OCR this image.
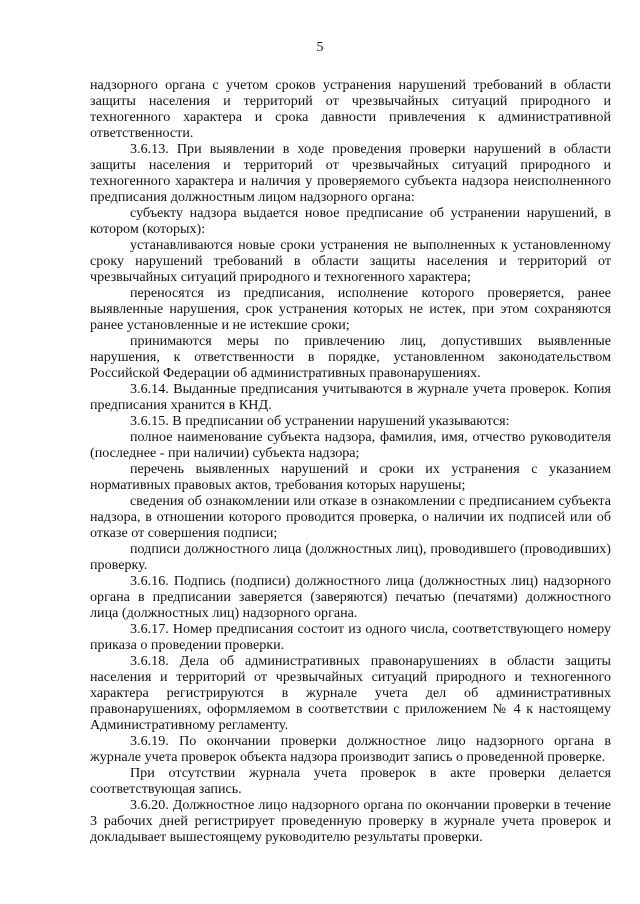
5

надзорного органа с учетом сроков устранения нарушений требований в области защиты населения и территорий от чрезвычайных ситуаций природного и техногенного характера и срока давности привлечения к административной ответственности.

3.6.13. При выявлении в ходе проведения проверки нарушений в области защиты населения и территорий от чрезвычайных ситуаций природного и техногенного характера и наличия у проверяемого субъекта надзора неисполненного предписания должностным лицом надзорного органа:

субъекту надзора выдается новое предписание об устранении нарушений, в котором (которых):

устанавливаются новые сроки устранения не выполненных к установленному сроку нарушений требований в области защиты населения и территорий от чрезвычайных ситуаций природного и техногенного характера;

переносятся из предписания, исполнение которого проверяется, ранее выявленные нарушения, срок устранения которых не истек, при этом сохраняются ранее установленные и не истекшие сроки;

принимаются меры по привлечению лиц, допустивших выявленные нарушения, к ответственности в порядке, установленном законодательством Российской Федерации об административных правонарушениях.

3.6.14. Выданные предписания учитываются в журнале учета проверок. Копия предписания хранится в КНД.

3.6.15. В предписании об устранении нарушений указываются:

полное наименование субъекта надзора, фамилия, имя, отчество руководителя (последнее - при наличии) субъекта надзора;

перечень выявленных нарушений и сроки их устранения с указанием нормативных правовых актов, требования которых нарушены;

сведения об ознакомлении или отказе в ознакомлении с предписанием субъекта надзора, в отношении которого проводится проверка, о наличии их подписей или об отказе от совершения подписи;

подписи должностного лица (должностных лиц), проводившего (проводивших) проверку.

3.6.16. Подпись (подписи) должностного лица (должностных лиц) надзорного органа в предписании заверяется (заверяются) печатью (печатями) должностного лица (должностных лиц) надзорного органа.

3.6.17. Номер предписания состоит из одного числа, соответствующего номеру приказа о проведении проверки.

3.6.18. Дела об административных правонарушениях в области защиты населения и территорий от чрезвычайных ситуаций природного и техногенного характера регистрируются в журнале учета дел об административных правонарушениях, оформляемом в соответствии с приложением № 4 к настоящему Административному регламенту.

3.6.19. По окончании проверки должностное лицо надзорного органа в журнале учета проверок объекта надзора производит запись о проведенной проверке.

При отсутствии журнала учета проверок в акте проверки делается соответствующая запись.

3.6.20. Должностное лицо надзорного органа по окончании проверки в течение 3 рабочих дней регистрирует проведенную проверку в журнале учета проверок и докладывает вышестоящему руководителю результаты проверки.
